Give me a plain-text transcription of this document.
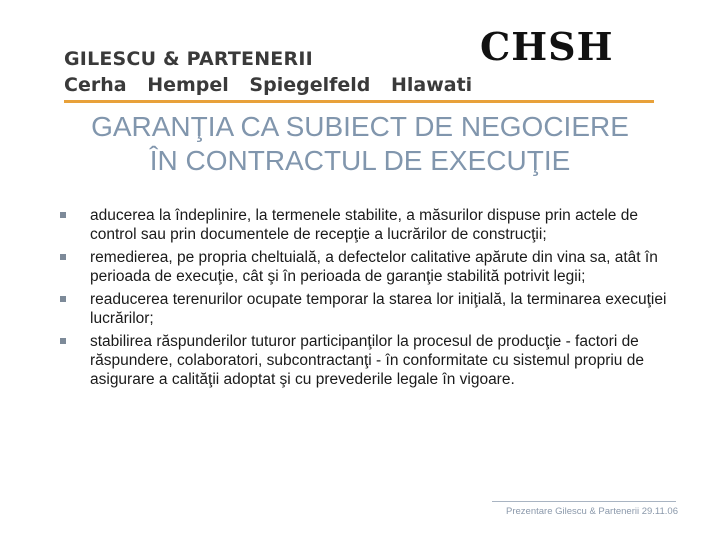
GILESCU & PARTENERII
Cerha Hempel Spiegelfeld Hlawati
CHSH
GARANŢIA CA SUBIECT DE NEGOCIERE
ÎN CONTRACTUL DE EXECUŢIE
aducerea la îndeplinire, la termenele stabilite, a măsurilor dispuse prin actele de control sau prin documentele de recepţie a lucrărilor de construcţii;
remedierea, pe propria cheltuială, a defectelor calitative apărute din vina sa, atât în perioada de execuţie, cât şi în perioada de garanţie stabilită potrivit legii;
readucerea terenurilor ocupate temporar la starea lor iniţială, la terminarea execuţiei lucrărilor;
stabilirea răspunderilor tuturor participanţilor la procesul de producţie - factori de răspundere, colaboratori, subcontractanţi - în conformitate cu sistemul propriu de asigurare a calităţii adoptat şi cu prevederile legale în vigoare.
Prezentare Gilescu & Partenerii 29.11.06
